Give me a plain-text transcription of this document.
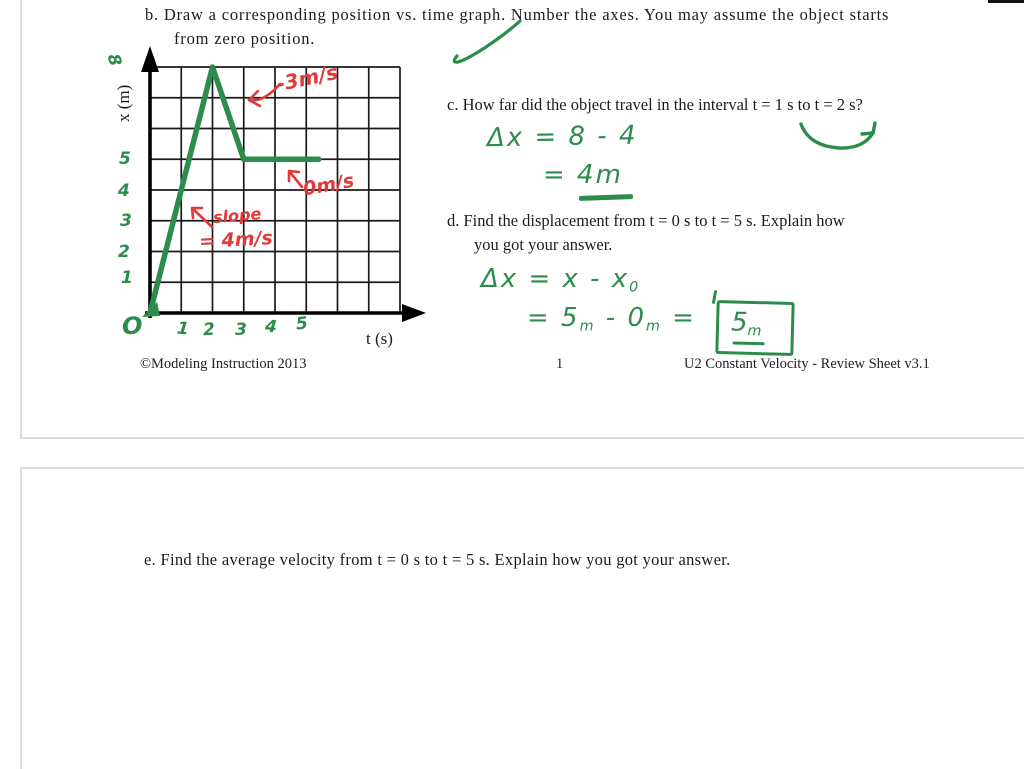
b. Draw a corresponding position vs. time graph. Number the axes. You may assume the object starts
from zero position.
x (m)
t (s)
8
5
4
3
2
1
O 1 2 3 4 5
-3m/s
0m/s
slope
= 4m/s
c. How far did the object travel in the interval t = 1 s to t = 2 s?
Δx = 8 - 4
= 4m
d. Find the displacement from t = 0 s to t = 5 s. Explain how
you got your answer.
$\Delta x = x - x_0$
= $5_m - 0_m = 5_m$
©Modeling Instruction 2013	1	U2 Constant Velocity - Review Sheet v3.1
e. Find the average velocity from t = 0 s to t = 5 s. Explain how you got your answer.
